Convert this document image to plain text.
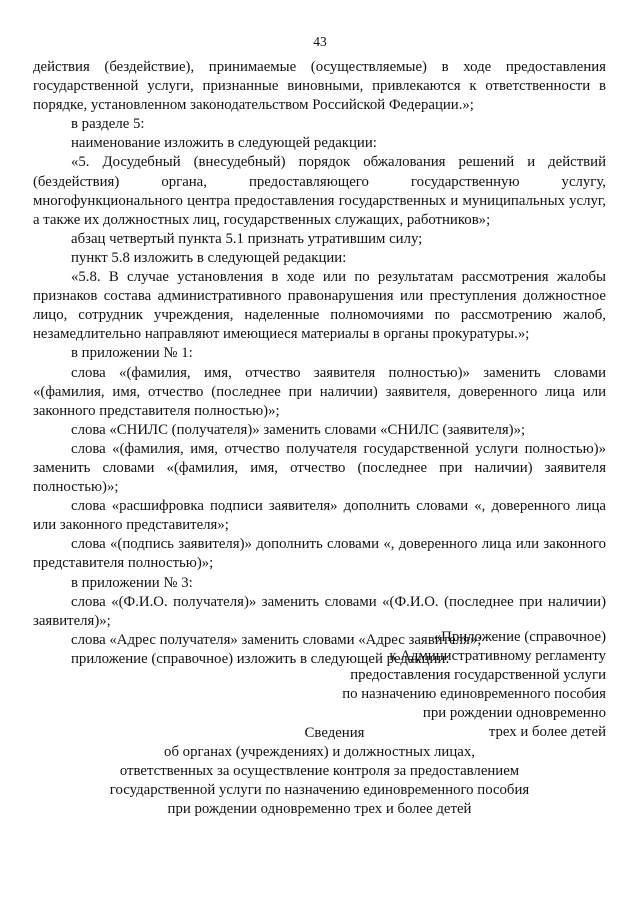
43

действия (бездействие), принимаемые (осуществляемые) в ходе предоставления государственной услуги, признанные виновными, привлекаются к ответственности в порядке, установленном законодательством Российской Федерации.»;

в разделе 5:

наименование изложить в следующей редакции:

«5. Досудебный (внесудебный) порядок обжалования решений и действий (бездействия) органа, предоставляющего государственную услугу, многофункционального центра предоставления государственных и муниципальных услуг, а также их должностных лиц, государственных служащих, работников»;

абзац четвертый пункта 5.1 признать утратившим силу;

пункт 5.8 изложить в следующей редакции:

«5.8. В случае установления в ходе или по результатам рассмотрения жалобы признаков состава административного правонарушения или преступления должностное лицо, сотрудник учреждения, наделенные полномочиями по рассмотрению жалоб, незамедлительно направляют имеющиеся материалы в органы прокуратуры.»;

в приложении № 1:

слова «(фамилия, имя, отчество заявителя полностью)» заменить словами «(фамилия, имя, отчество (последнее при наличии) заявителя, доверенного лица или законного представителя полностью)»;

слова «СНИЛС (получателя)» заменить словами «СНИЛС (заявителя)»;

слова «(фамилия, имя, отчество получателя государственной услуги полностью)» заменить словами «(фамилия, имя, отчество (последнее при наличии) заявителя полностью)»;

слова «расшифровка подписи заявителя» дополнить словами «, доверенного лица или законного представителя»;

слова «(подпись заявителя)» дополнить словами «, доверенного лица или законного представителя полностью)»;

в приложении № 3:

слова «(Ф.И.О. получателя)» заменить словами «(Ф.И.О. (последнее при наличии) заявителя)»;

слова «Адрес получателя» заменить словами «Адрес заявителя»;

приложение (справочное) изложить в следующей редакции:

«Приложение (справочное)

к Административному регламенту

предоставления государственной услуги

по назначению единовременного пособия

при рождении одновременно

трех и более детей

Сведения

об органах (учреждениях) и должностных лицах,

ответственных за осуществление контроля за предоставлением

государственной услуги по назначению единовременного пособия

при рождении одновременно трех и более детей
